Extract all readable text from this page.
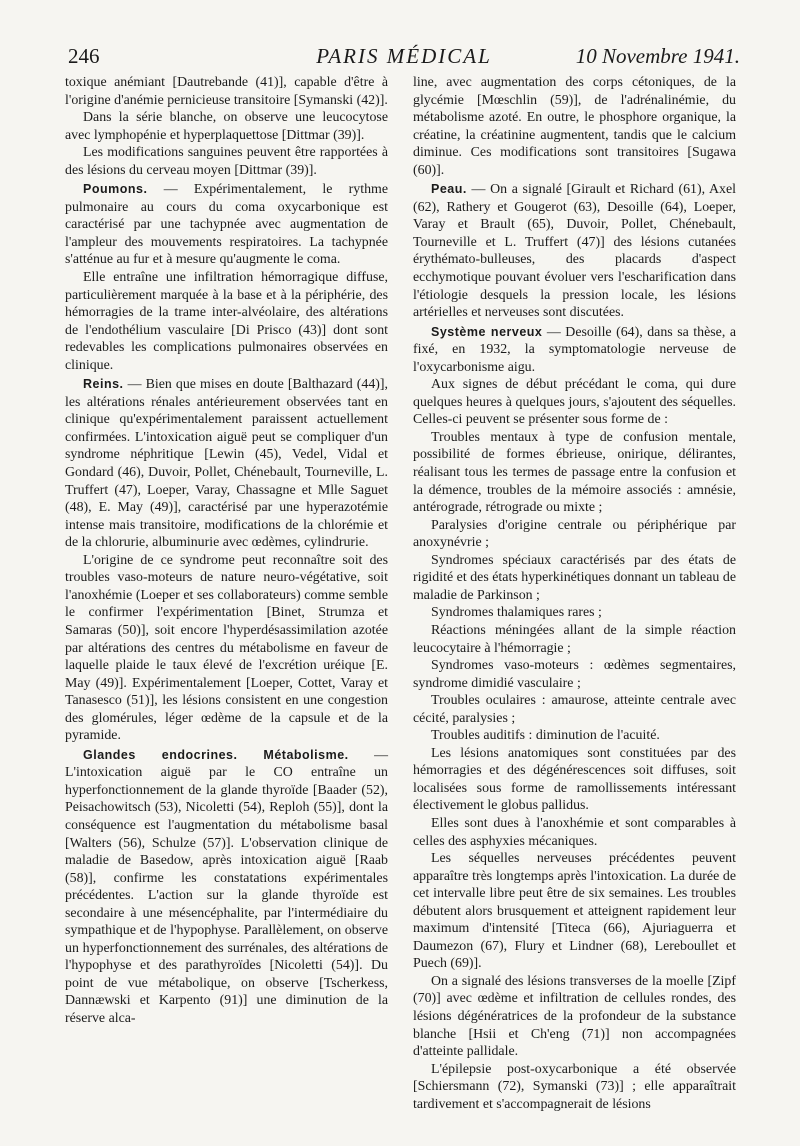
246	PARIS MÉDICAL	10 Novembre 1941.

toxique anémiant [Dautrebande (41)], capable d'être à l'origine d'anémie pernicieuse transitoire [Symanski (42)].

Dans la série blanche, on observe une leucocytose avec lymphopénie et hyperplaquettose [Dittmar (39)].

Les modifications sanguines peuvent être rapportées à des lésions du cerveau moyen [Dittmar (39)].

Poumons. — Expérimentalement, le rythme pulmonaire au cours du coma oxycarbonique est caractérisé par une tachypnée avec augmentation de l'ampleur des mouvements respiratoires. La tachypnée s'atténue au fur et à mesure qu'augmente le coma.

Elle entraîne une infiltration hémorragique diffuse, particulièrement marquée à la base et à la périphérie, des hémorragies de la trame inter-alvéolaire, des altérations de l'endothélium vasculaire [Di Prisco (43)] dont sont redevables les complications pulmonaires observées en clinique.

Reins. — Bien que mises en doute [Balthazard (44)], les altérations rénales antérieurement observées tant en clinique qu'expérimentalement paraissent actuellement confirmées. L'intoxication aiguë peut se compliquer d'un syndrome néphritique [Lewin (45), Vedel, Vidal et Gondard (46), Duvoir, Pollet, Chénebault, Tourneville, L. Truffert (47), Loeper, Varay, Chassagne et Mlle Saguet (48), E. May (49)], caractérisé par une hyperazotémie intense mais transitoire, modifications de la chlorémie et de la chlorurie, albuminurie avec œdèmes, cylindrurie.

L'origine de ce syndrome peut reconnaître soit des troubles vaso-moteurs de nature neuro-végétative, soit l'anoxhémie (Loeper et ses collaborateurs) comme semble le confirmer l'expérimentation [Binet, Strumza et Samaras (50)], soit encore l'hyperdésassimilation azotée par altérations des centres du métabolisme en faveur de laquelle plaide le taux élevé de l'excrétion uréique [E. May (49)]. Expérimentalement [Loeper, Cottet, Varay et Tanasesco (51)], les lésions consistent en une congestion des glomérules, léger œdème de la capsule et de la pyramide.

Glandes endocrines. Métabolisme. — L'intoxication aiguë par le CO entraîne un hyperfonctionnement de la glande thyroïde [Baader (52), Peisachowitsch (53), Nicoletti (54), Reploh (55)], dont la conséquence est l'augmentation du métabolisme basal [Walters (56), Schulze (57)]. L'observation clinique de maladie de Basedow, après intoxication aiguë [Raab (58)], confirme les constatations expérimentales précédentes. L'action sur la glande thyroïde est secondaire à une mésencéphalite, par l'intermédiaire du sympathique et de l'hypophyse. Parallèlement, on observe un hyperfonctionnement des surrénales, des altérations de l'hypophyse et des parathyroïdes [Nicoletti (54)]. Du point de vue métabolique, on observe [Tscherkess, Dannæwski et Karpento (91)] une diminution de la réserve alca-

line, avec augmentation des corps cétoniques, de la glycémie [Mœschlin (59)], de l'adrénalinémie, du métabolisme azoté. En outre, le phosphore organique, la créatine, la créatinine augmentent, tandis que le calcium diminue. Ces modifications sont transitoires [Sugawa (60)].

Peau. — On a signalé [Girault et Richard (61), Axel (62), Rathery et Gougerot (63), Desoille (64), Loeper, Varay et Brault (65), Duvoir, Pollet, Chénebault, Tourneville et L. Truffert (47)] des lésions cutanées érythémato-bulleuses, des placards d'aspect ecchymotique pouvant évoluer vers l'escharification dans l'étiologie desquels la pression locale, les lésions artérielles et nerveuses sont discutées.

Système nerveux — Desoille (64), dans sa thèse, a fixé, en 1932, la symptomatologie nerveuse de l'oxycarbonisme aigu.

Aux signes de début précédant le coma, qui dure quelques heures à quelques jours, s'ajoutent des séquelles. Celles-ci peuvent se présenter sous forme de :

Troubles mentaux à type de confusion mentale, possibilité de formes ébrieuse, onirique, délirantes, réalisant tous les termes de passage entre la confusion et la démence, troubles de la mémoire associés : amnésie, antérograde, rétrograde ou mixte ;

Paralysies d'origine centrale ou périphérique par anoxynévrie ;

Syndromes spéciaux caractérisés par des états de rigidité et des états hyperkinétiques donnant un tableau de maladie de Parkinson ;

Syndromes thalamiques rares ;

Réactions méningées allant de la simple réaction leucocytaire à l'hémorragie ;

Syndromes vaso-moteurs : œdèmes segmentaires, syndrome dimidié vasculaire ;

Troubles oculaires : amaurose, atteinte centrale avec cécité, paralysies ;

Troubles auditifs : diminution de l'acuité.

Les lésions anatomiques sont constituées par des hémorragies et des dégénérescences soit diffuses, soit localisées sous forme de ramollissements intéressant électivement le globus pallidus.

Elles sont dues à l'anoxhémie et sont comparables à celles des asphyxies mécaniques.

Les séquelles nerveuses précédentes peuvent apparaître très longtemps après l'intoxication. La durée de cet intervalle libre peut être de six semaines. Les troubles débutent alors brusquement et atteignent rapidement leur maximum d'intensité [Titeca (66), Ajuriaguerra et Daumezon (67), Flury et Lindner (68), Lereboullet et Puech (69)].

On a signalé des lésions transverses de la moelle [Zipf (70)] avec œdème et infiltration de cellules rondes, des lésions dégénératrices de la profondeur de la substance blanche [Hsii et Ch'eng (71)] non accompagnées d'atteinte pallidale.

L'épilepsie post-oxycarbonique a été observée [Schiersmann (72), Symanski (73)] ; elle apparaîtrait tardivement et s'accompagnerait de lésions
